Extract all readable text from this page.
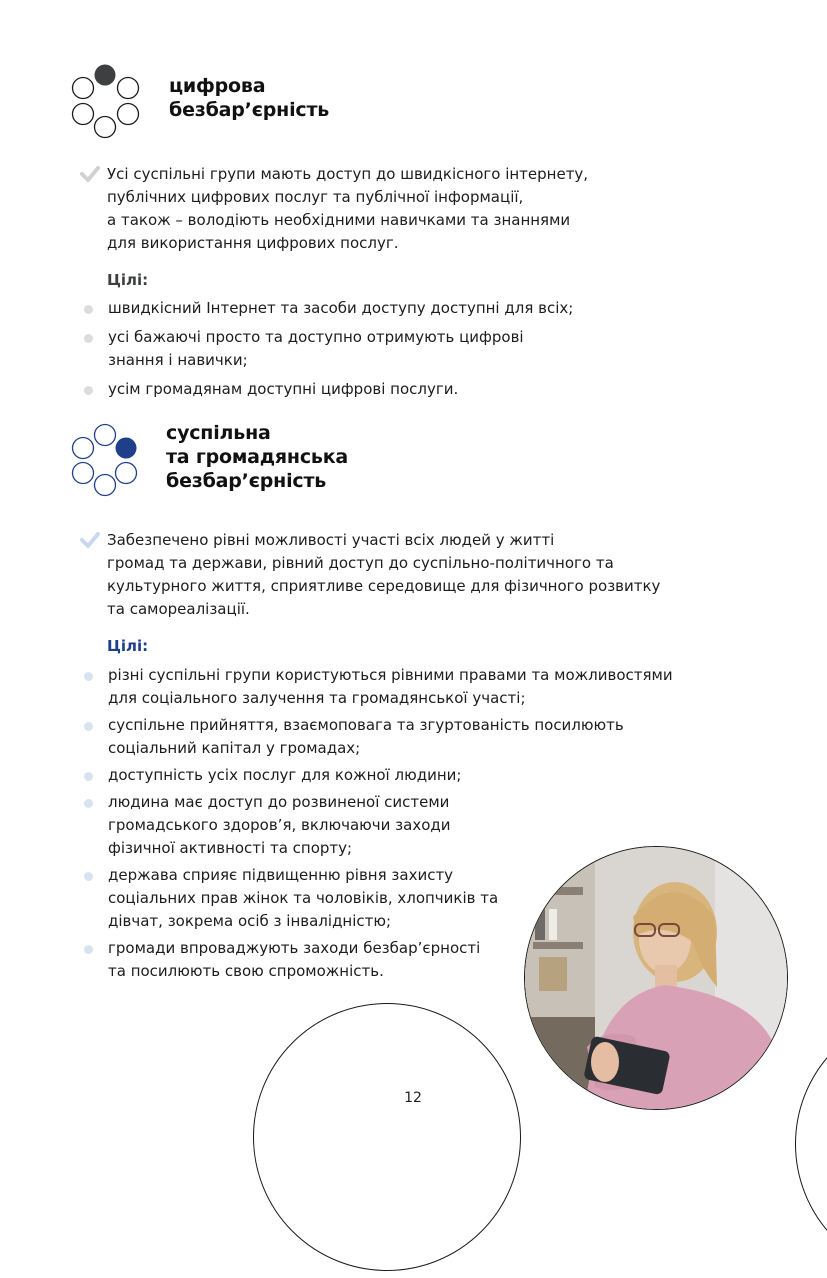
цифрова
безбар’єрність
Усі суспільні групи мають доступ до швидкісного інтернету,
публічних цифрових послуг та публічної інформації,
а також – володіють необхідними навичками та знаннями
для використання цифрових послуг.
Цілі:
швидкісний Інтернет та засоби доступу доступні для всіх;
усі бажаючі просто та доступно отримують цифрові
знання і навички;
усім громадянам доступні цифрові послуги.
суспільна
та громадянська
безбар’єрність
Забезпечено рівні можливості участі всіх людей у житті
громад та держави, рівний доступ до суспільно-політичного та
культурного життя, сприятливе середовище для фізичного розвитку
та самореалізації.
Цілі:
різні суспільні групи користуються рівними правами та можливостями
для соціального залучення та громадянської участі;
суспільне прийняття, взаємоповага та згуртованість посилюють
соціальний капітал у громадах;
доступність усіх послуг для кожної людини;
людина має доступ до розвиненої системи
громадського здоров’я, включаючи заходи
фізичної активності та спорту;
держава сприяє підвищенню рівня захисту
соціальних прав жінок та чоловіків, хлопчиків та
дівчат, зокрема осіб з інвалідністю;
громади впроваджують заходи безбар’єрності
та посилюють свою спроможність.
12
